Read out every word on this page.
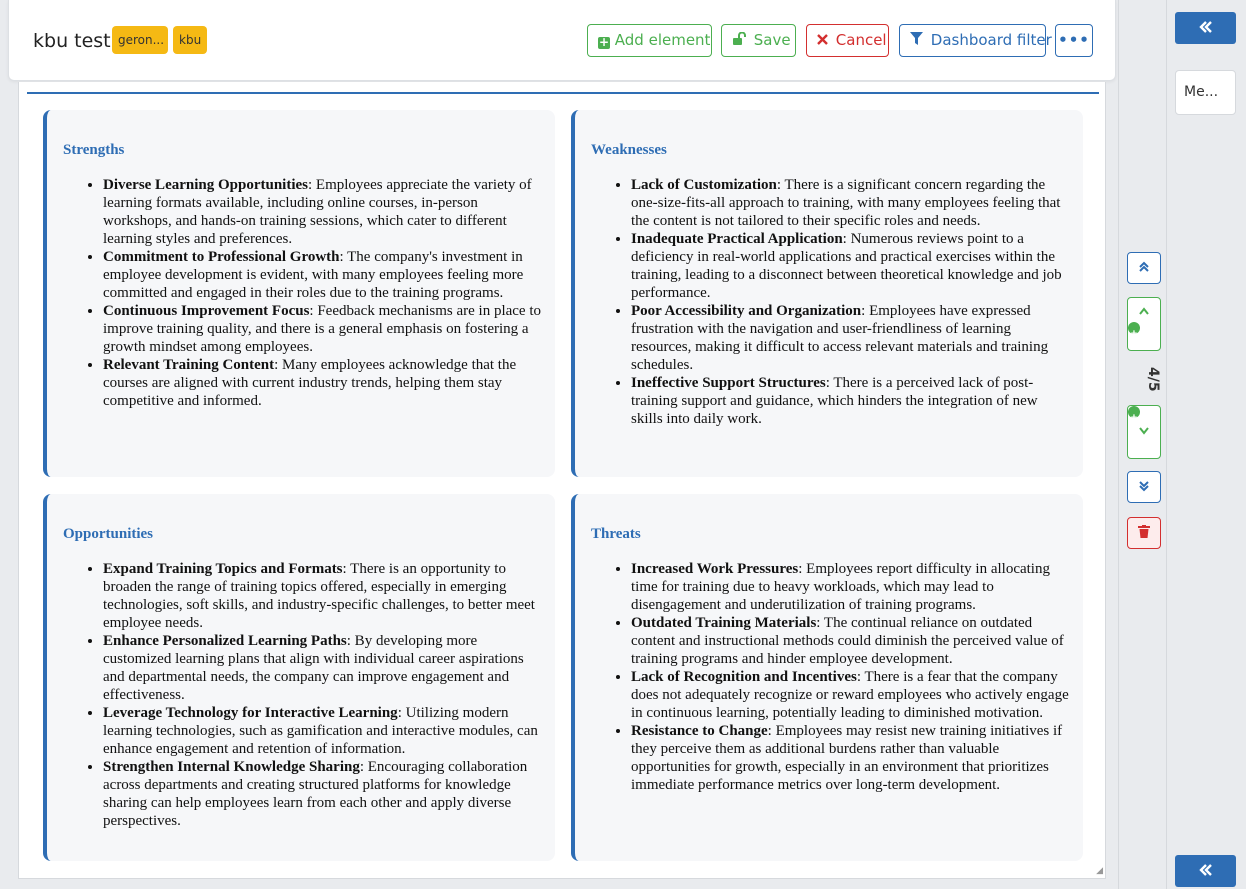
kbu test geron...	kbu	+ Add element	Save	Cancel	Dashboard filter •••
Strengths
• Diverse Learning Opportunities: Employees appreciate the variety of learning formats available, including online courses, in-person workshops, and hands-on training sessions, which cater to different learning styles and preferences.
• Commitment to Professional Growth: The company's investment in employee development is evident, with many employees feeling more committed and engaged in their roles due to the training programs.
• Continuous Improvement Focus: Feedback mechanisms are in place to improve training quality, and there is a general emphasis on fostering a growth mindset among employees.
• Relevant Training Content: Many employees acknowledge that the courses are aligned with current industry trends, helping them stay competitive and informed.
Weaknesses
• Lack of Customization: There is a significant concern regarding the one-size-fits-all approach to training, with many employees feeling that the content is not tailored to their specific roles and needs.
• Inadequate Practical Application: Numerous reviews point to a deficiency in real-world applications and practical exercises within the training, leading to a disconnect between theoretical knowledge and job performance.
• Poor Accessibility and Organization: Employees have expressed frustration with the navigation and user-friendliness of learning resources, making it difficult to access relevant materials and training schedules.
• Ineffective Support Structures: There is a perceived lack of post-training support and guidance, which hinders the integration of new skills into daily work.
Opportunities
• Expand Training Topics and Formats: There is an opportunity to broaden the range of training topics offered, especially in emerging technologies, soft skills, and industry-specific challenges, to better meet employee needs.
• Enhance Personalized Learning Paths: By developing more customized learning plans that align with individual career aspirations and departmental needs, the company can improve engagement and effectiveness.
• Leverage Technology for Interactive Learning: Utilizing modern learning technologies, such as gamification and interactive modules, can enhance engagement and retention of information.
• Strengthen Internal Knowledge Sharing: Encouraging collaboration across departments and creating structured platforms for knowledge sharing can help employees learn from each other and apply diverse perspectives.
Threats
• Increased Work Pressures: Employees report difficulty in allocating time for training due to heavy workloads, which may lead to disengagement and underutilization of training programs.
• Outdated Training Materials: The continual reliance on outdated content and instructional methods could diminish the perceived value of training programs and hinder employee development.
• Lack of Recognition and Incentives: There is a fear that the company does not adequately recognize or reward employees who actively engage in continuous learning, potentially leading to diminished motivation.
• Resistance to Change: Employees may resist new training initiatives if they perceive them as additional burdens rather than valuable opportunities for growth, especially in an environment that prioritizes immediate performance metrics over long-term development.
◢
+
4/5
+
Me...
